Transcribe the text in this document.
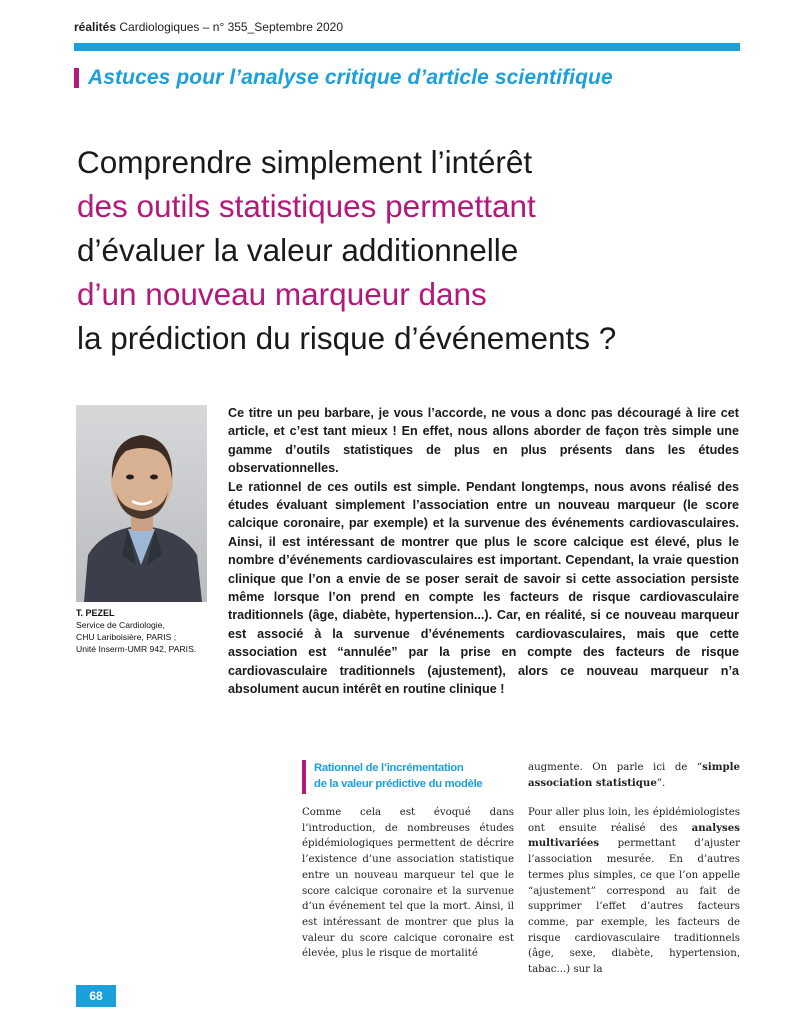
réalités Cardiologiques – n° 355_Septembre 2020
Astuces pour l’analyse critique d’article scientifique
Comprendre simplement l’intérêt
des outils statistiques permettant
d’évaluer la valeur additionnelle
d’un nouveau marqueur dans
la prédiction du risque d’événements ?
T. PEZEL
Service de Cardiologie,
CHU Lariboisière, PARIS ;
Unité Inserm-UMR 942, PARIS.

Ce titre un peu barbare, je vous l’accorde, ne vous a donc pas découragé à lire cet article, et c’est tant mieux ! En effet, nous allons aborder de façon très simple une gamme d’outils statistiques de plus en plus présents dans les études observationnelles.

Le rationnel de ces outils est simple. Pendant longtemps, nous avons réalisé des études évaluant simplement l’association entre un nouveau marqueur (le score calcique coronaire, par exemple) et la survenue des événements cardiovasculaires. Ainsi, il est intéressant de montrer que plus le score calcique est élevé, plus le nombre d’événements cardiovasculaires est important. Cependant, la vraie question clinique que l’on a envie de se poser serait de savoir si cette association persiste même lorsque l’on prend en compte les facteurs de risque cardiovasculaire traditionnels (âge, diabète, hypertension...). Car, en réalité, si ce nouveau marqueur est associé à la survenue d’événements cardiovasculaires, mais que cette association est “annulée” par la prise en compte des facteurs de risque cardiovasculaire traditionnels (ajustement), alors ce nouveau marqueur n’a absolument aucun intérêt en routine clinique !

Rationnel de l’incrémentation
de la valeur prédictive du modèle

Comme cela est évoqué dans l’introduction, de nombreuses études épidémiologiques permettent de décrire l’existence d’une association statistique entre un nouveau marqueur tel que le score calcique coronaire et la survenue d’un événement tel que la mort. Ainsi, il est intéressant de montrer que plus la valeur du score calcique coronaire est élevée, plus le risque de mortalité

augmente. On parle ici de “simple association statistique”.

Pour aller plus loin, les épidémiologistes ont ensuite réalisé des analyses multivariées permettant d’ajuster l’association mesurée. En d’autres termes plus simples, ce que l’on appelle “ajustement” correspond au fait de supprimer l’effet d’autres facteurs comme, par exemple, les facteurs de risque cardiovasculaire traditionnels (âge, sexe, diabète, hypertension, tabac...) sur la

68
